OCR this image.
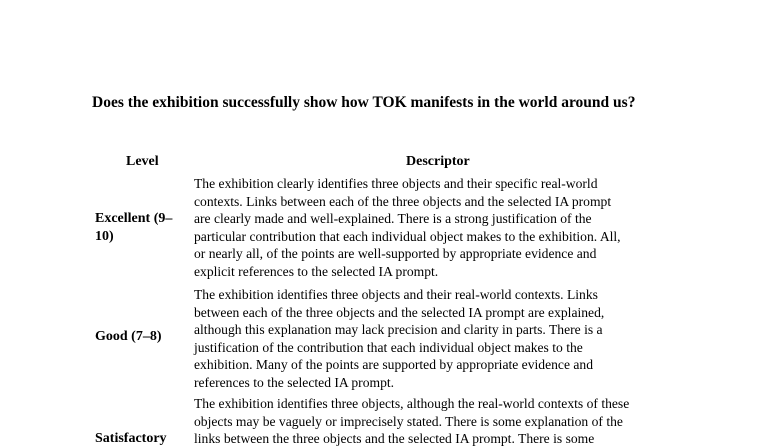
Does the exhibition successfully show how TOK manifests in the world around us?
Level	Descriptor
Excellent (9–
10)
The exhibition clearly identifies three objects and their specific real-world
contexts. Links between each of the three objects and the selected IA prompt
are clearly made and well-explained. There is a strong justification of the
particular contribution that each individual object makes to the exhibition. All,
or nearly all, of the points are well-supported by appropriate evidence and
explicit references to the selected IA prompt.
Good (7–8)
The exhibition identifies three objects and their real-world contexts. Links
between each of the three objects and the selected IA prompt are explained,
although this explanation may lack precision and clarity in parts. There is a
justification of the contribution that each individual object makes to the
exhibition. Many of the points are supported by appropriate evidence and
references to the selected IA prompt.
Satisfactory
The exhibition identifies three objects, although the real-world contexts of these
objects may be vaguely or imprecisely stated. There is some explanation of the
links between the three objects and the selected IA prompt. There is some
